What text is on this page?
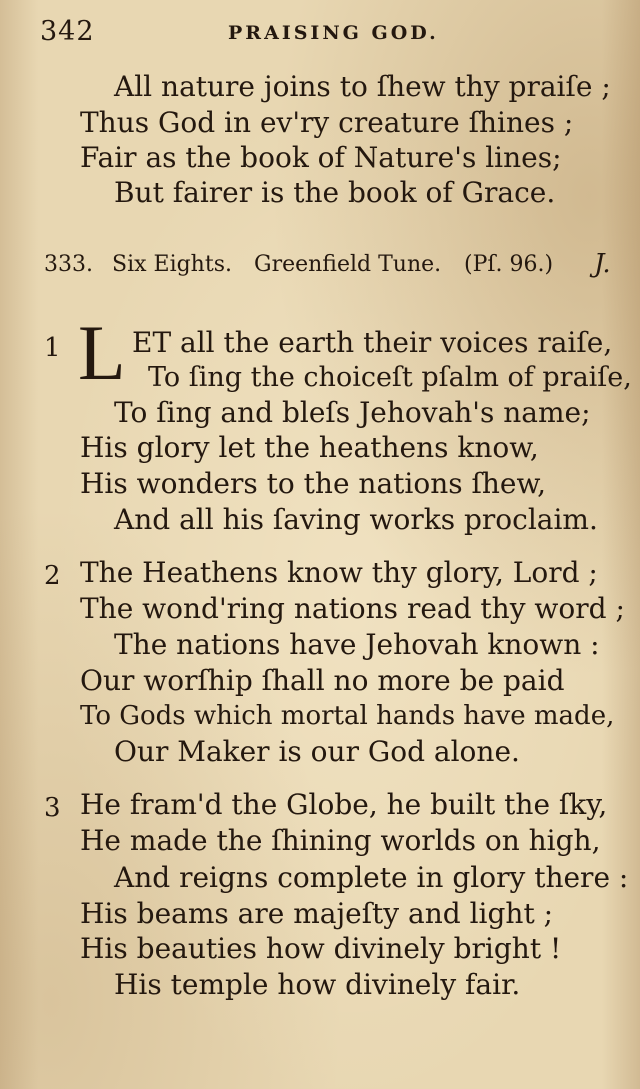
342	PRAISING GOD.
All nature joins to ſhew thy praiſe ;
Thus God in ev'ry creature ſhines ;
Fair as the book of Nature's lines;
But fairer is the book of Grace.
333. Six Eights. Greenfield Tune. (Pſ. 96.) J.
1 L ET all the earth their voices raiſe,
To ſing the choiceſt pſalm of praiſe,
To ſing and bleſs Jehovah's name;
His glory let the heathens know,
His wonders to the nations ſhew,
And all his ſaving works proclaim.
2 The Heathens know thy glory, Lord ;
The wond'ring nations read thy word ;
The nations have Jehovah known :
Our worſhip ſhall no more be paid
To Gods which mortal hands have made,
Our Maker is our God alone.
3 He fram'd the Globe, he built the ſky,
He made the ſhining worlds on high,
And reigns complete in glory there :
His beams are majeſty and light ;
His beauties how divinely bright !
His temple how divinely fair.
